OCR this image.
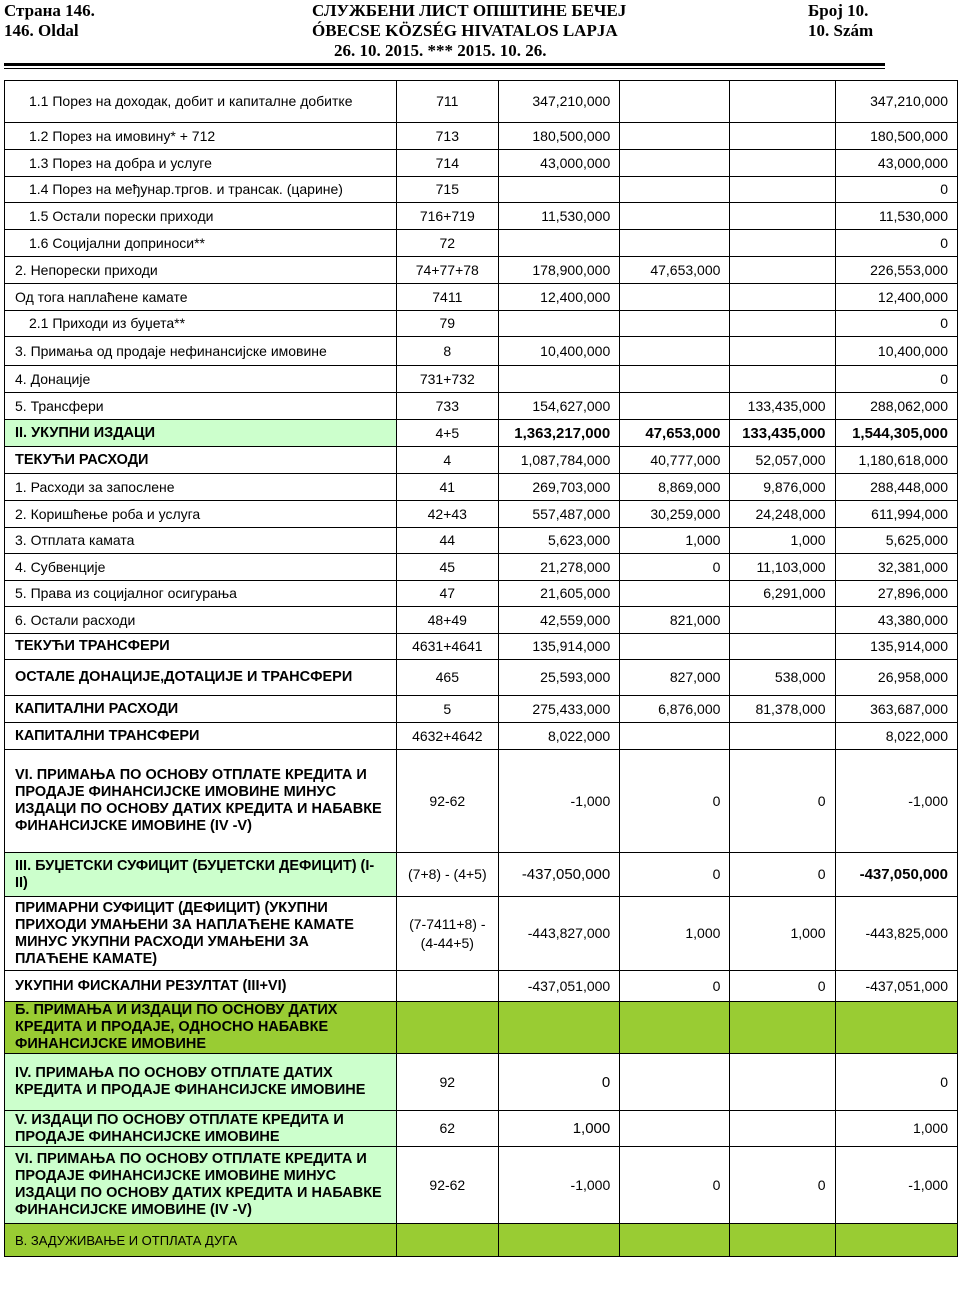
Страна 146.
146. Oldal
СЛУЖБЕНИ ЛИСТ ОПШТИНЕ БЕЧЕЈ
ÓBECSE KÖZSÉG HIVATALOS LAPJA
26. 10. 2015. *** 2015. 10. 26.
Број 10.
10. Szám
1.1 Порез на доходак, добит и капиталне добитке	711	347,210,000			347,210,000
1.2 Порез на имовину* + 712	713	180,500,000			180,500,000
1.3 Порез на добра и услуге	714	43,000,000			43,000,000
1.4 Порез на међунар.тргов. и трансак. (царине)	715				0
1.5 Остали порески приходи	716+719	11,530,000			11,530,000
1.6 Социјални доприноси**	72				0
2. Непорески приходи	74+77+78	178,900,000	47,653,000		226,553,000
Од тога наплаћене камате	7411	12,400,000			12,400,000
2.1 Приходи из буџета**	79				0
3. Примања од продаје нефинансијске имовине	8	10,400,000			10,400,000
4. Донације	731+732				0
5. Трансфери	733	154,627,000		133,435,000	288,062,000
II. УКУПНИ ИЗДАЦИ	4+5	1,363,217,000	47,653,000	133,435,000	1,544,305,000
ТЕКУЋИ РАСХОДИ	4	1,087,784,000	40,777,000	52,057,000	1,180,618,000
1. Расходи за запослене	41	269,703,000	8,869,000	9,876,000	288,448,000
2. Коришћење роба и услуга	42+43	557,487,000	30,259,000	24,248,000	611,994,000
3. Отплата камата	44	5,623,000	1,000	1,000	5,625,000
4. Субвенције	45	21,278,000	0	11,103,000	32,381,000
5. Права из социјалног осигурања	47	21,605,000		6,291,000	27,896,000
6. Остали расходи	48+49	42,559,000	821,000		43,380,000
ТЕКУЋИ ТРАНСФЕРИ	4631+4641	135,914,000			135,914,000
ОСТАЛЕ ДОНАЦИЈЕ,ДОТАЦИЈЕ И ТРАНСФЕРИ	465	25,593,000	827,000	538,000	26,958,000
КАПИТАЛНИ РАСХОДИ	5	275,433,000	6,876,000	81,378,000	363,687,000
КАПИТАЛНИ ТРАНСФЕРИ	4632+4642	8,022,000			8,022,000
VI. ПРИМАЊА ПО ОСНОВУ ОТПЛАТЕ КРЕДИТА И ПРОДАЈЕ ФИНАНСИЈСКЕ ИМОВИНЕ МИНУС ИЗДАЦИ ПО ОСНОВУ ДАТИХ КРЕДИТА И НАБАВКЕ ФИНАНСИЈСКЕ ИМОВИНЕ (IV -V)	92-62	-1,000	0	0	-1,000
III. БУЏЕТСКИ СУФИЦИТ (БУЏЕТСКИ ДЕФИЦИТ) (I-II)	(7+8) - (4+5)	-437,050,000	0	0	-437,050,000
ПРИМАРНИ СУФИЦИТ (ДЕФИЦИТ) (УКУПНИ ПРИХОДИ УМАЊЕНИ ЗА НАПЛАЋЕНЕ КАМАТЕ МИНУС УКУПНИ РАСХОДИ УМАЊЕНИ ЗА ПЛАЋЕНЕ КАМАТЕ)	(7-7411+8) - (4-44+5)	-443,827,000	1,000	1,000	-443,825,000
УКУПНИ ФИСКАЛНИ РЕЗУЛТАТ (III+VI)		-437,051,000	0	0	-437,051,000
Б. ПРИМАЊА И ИЗДАЦИ ПО ОСНОВУ ДАТИХ КРЕДИТА И ПРОДАЈЕ, ОДНОСНО НАБАВКЕ ФИНАНСИЈСКЕ ИМОВИНЕ					
IV. ПРИМАЊА ПО ОСНОВУ ОТПЛАТЕ ДАТИХ КРЕДИТА И ПРОДАЈЕ ФИНАНСИЈСКЕ ИМОВИНЕ	92	0			0
V. ИЗДАЦИ ПО ОСНОВУ ОТПЛАТЕ КРЕДИТА И ПРОДАЈЕ ФИНАНСИЈСКЕ ИМОВИНЕ	62	1,000			1,000
VI. ПРИМАЊА ПО ОСНОВУ ОТПЛАТЕ КРЕДИТА И ПРОДАЈЕ ФИНАНСИЈСКЕ ИМОВИНЕ МИНУС ИЗДАЦИ ПО ОСНОВУ ДАТИХ КРЕДИТА И НАБАВКЕ ФИНАНСИЈСКЕ ИМОВИНЕ (IV -V)	92-62	-1,000	0	0	-1,000
В. ЗАДУЖИВАЊЕ И ОТПЛАТА ДУГА					
